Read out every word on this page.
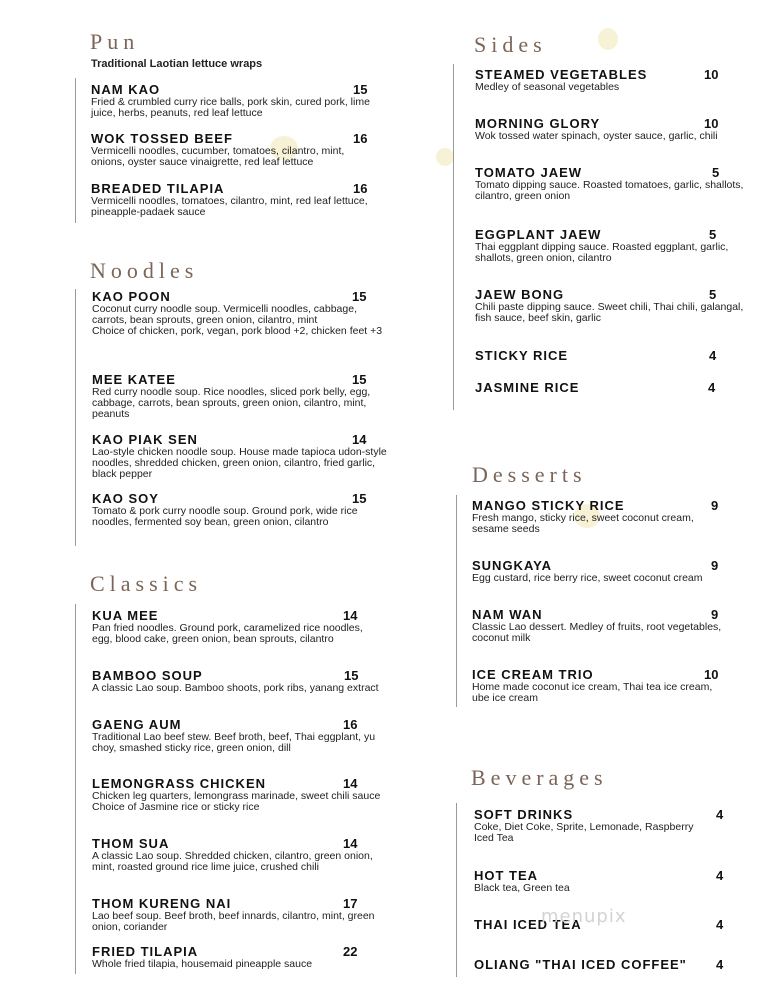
Pun
Traditional Laotian lettuce wraps
NAM KAO	15
Fried & crumbled curry rice balls, pork skin, cured pork, lime juice, herbs, peanuts, red leaf lettuce
WOK TOSSED BEEF	16
Vermicelli noodles, cucumber, tomatoes, cilantro, mint, onions, oyster sauce vinaigrette, red leaf lettuce
BREADED TILAPIA	16
Vermicelli noodles, tomatoes, cilantro, mint, red leaf lettuce, pineapple-padaek sauce
Noodles
KAO POON	15
Coconut curry noodle soup. Vermicelli noodles, cabbage, carrots, bean sprouts, green onion, cilantro, mint
Choice of chicken, pork, vegan, pork blood +2, chicken feet +3
MEE KATEE	15
Red curry noodle soup. Rice noodles, sliced pork belly, egg, cabbage, carrots, bean sprouts, green onion, cilantro, mint, peanuts
KAO PIAK SEN	14
Lao-style chicken noodle soup. House made tapioca udon-style noodles, shredded chicken, green onion, cilantro, fried garlic, black pepper
KAO SOY	15
Tomato & pork curry noodle soup. Ground pork, wide rice noodles, fermented soy bean, green onion, cilantro
Classics
KUA MEE	14
Pan fried noodles. Ground pork, caramelized rice noodles, egg, blood cake, green onion, bean sprouts, cilantro
BAMBOO SOUP	15
A classic Lao soup. Bamboo shoots, pork ribs, yanang extract
GAENG AUM	16
Traditional Lao beef stew. Beef broth, beef, Thai eggplant, yu choy, smashed sticky rice, green onion, dill
LEMONGRASS CHICKEN	14
Chicken leg quarters, lemongrass marinade, sweet chili sauce
Choice of Jasmine rice or sticky rice
THOM SUA	14
A classic Lao soup. Shredded chicken, cilantro, green onion, mint, roasted ground rice lime juice, crushed chili
THOM KURENG NAI	17
Lao beef soup. Beef broth, beef innards, cilantro, mint, green onion, coriander
FRIED TILAPIA	22
Whole fried tilapia, housemaid pineapple sauce
Sides
STEAMED VEGETABLES	10
Medley of seasonal vegetables
MORNING GLORY	10
Wok tossed water spinach, oyster sauce, garlic, chili
TOMATO JAEW	5
Tomato dipping sauce. Roasted tomatoes, garlic, shallots, cilantro, green onion
EGGPLANT JAEW	5
Thai eggplant dipping sauce. Roasted eggplant, garlic, shallots, green onion, cilantro
JAEW BONG	5
Chili paste dipping sauce. Sweet chili, Thai chili, galangal, fish sauce, beef skin, garlic
STICKY RICE	4
JASMINE RICE	4
Desserts
MANGO STICKY RICE	9
Fresh mango, sticky rice, sweet coconut cream, sesame seeds
SUNGKAYA	9
Egg custard, rice berry rice, sweet coconut cream
NAM WAN	9
Classic Lao dessert. Medley of fruits, root vegetables, coconut milk
ICE CREAM TRIO	10
Home made coconut ice cream, Thai tea ice cream, ube ice cream
Beverages
SOFT DRINKS	4
Coke, Diet Coke, Sprite, Lemonade, Raspberry Iced Tea
HOT TEA	4
Black tea, Green tea
THAI ICED TEA	4
OLIANG "THAI ICED COFFEE"	4
menupix
